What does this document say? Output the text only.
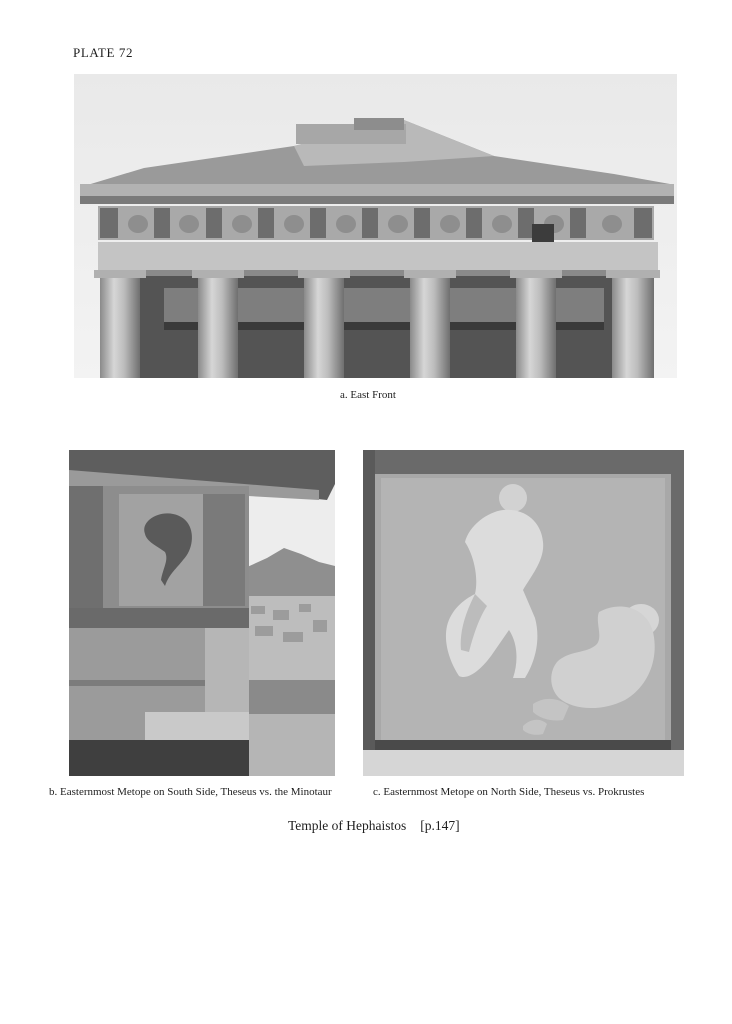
PLATE 72
a. East Front
b. Easternmost Metope on South Side, Theseus vs. the Minotaur	c. Easternmost Metope on North Side, Theseus vs. Prokrustes
Temple of Hephaistos [p.147]
